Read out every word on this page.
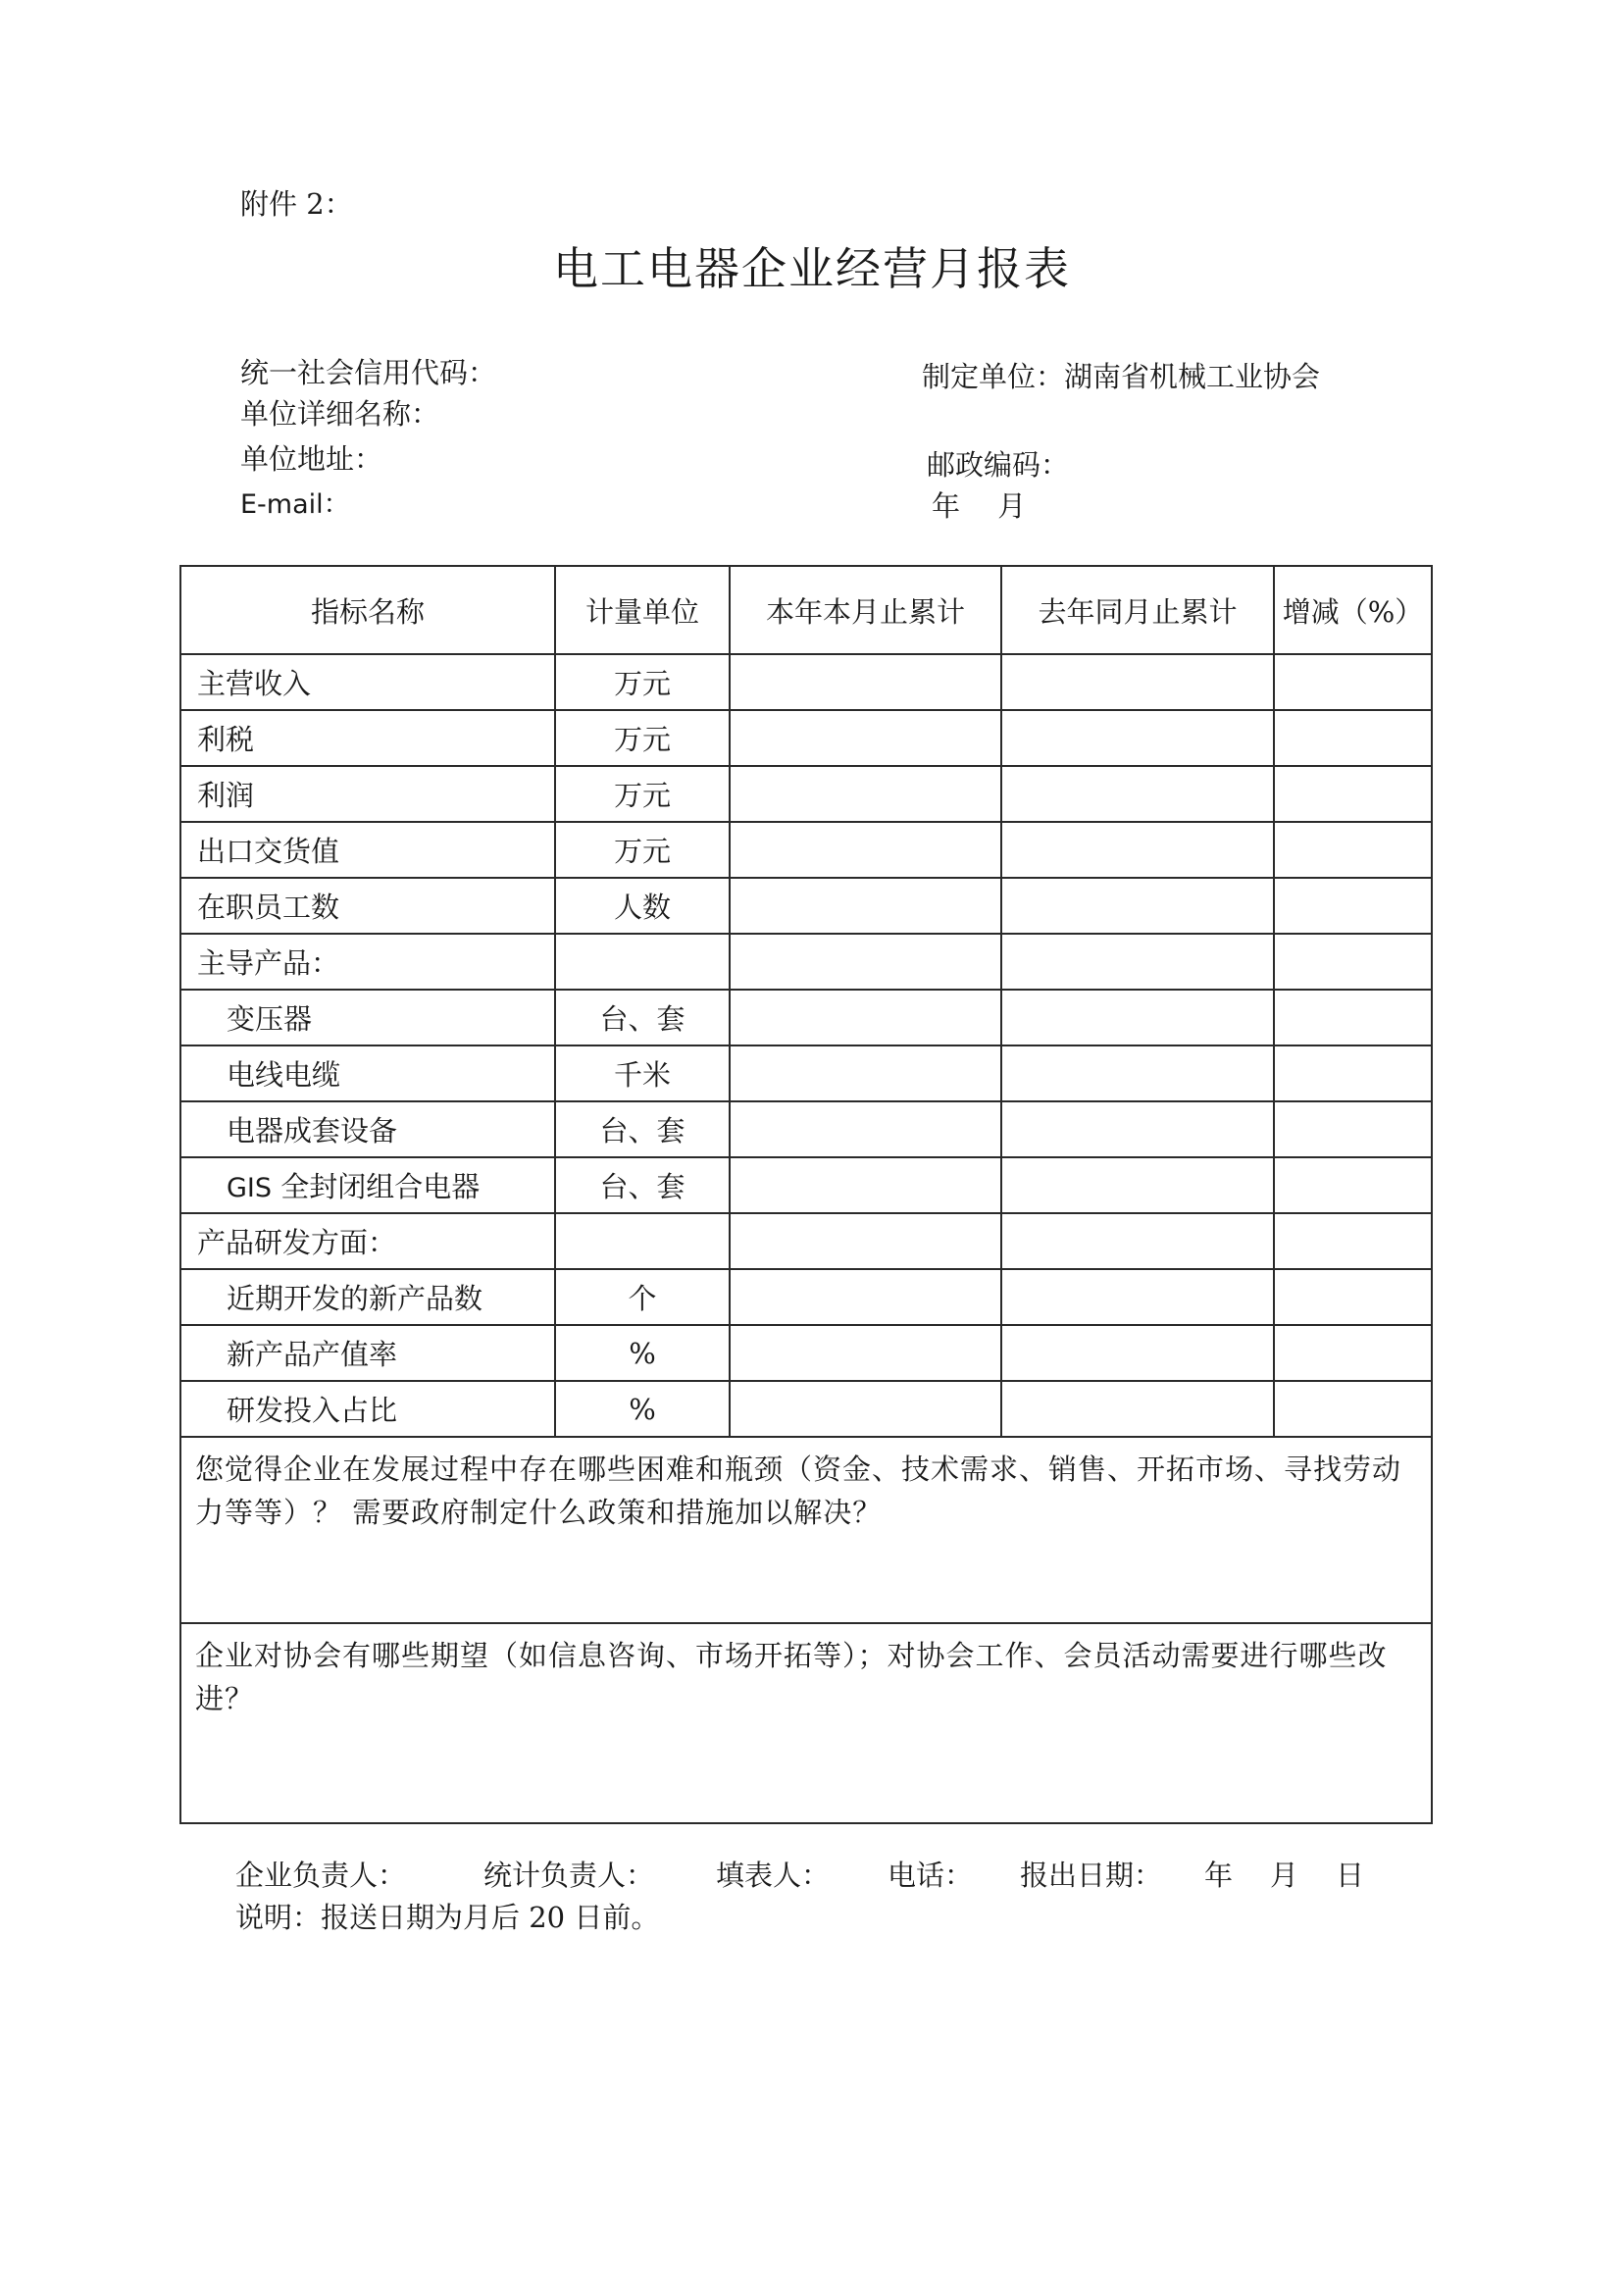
附件 2：
电工电器企业经营月报表
统一社会信用代码：
单位详细名称：
单位地址：
E-mail：
制定单位：湖南省机械工业协会
邮政编码：
年　 月
指标名称	计量单位	本年本月止累计	去年同月止累计	增减（%）
主营收入	万元			
利税	万元			
利润	万元			
出口交货值	万元			
在职员工数	人数			
主导产品：				
变压器	台、套			
电线电缆	千米			
电器成套设备	台、套			
GIS 全封闭组合电器	台、套			
产品研发方面：				
近期开发的新产品数	个			
新产品产值率	%			
研发投入占比	%			

您觉得企业在发展过程中存在哪些困难和瓶颈（资金、技术需求、销售、开拓市场、寻找劳动力等等）？ 需要政府制定什么政策和措施加以解决？				

企业对协会有哪些期望（如信息咨询、市场开拓等）；对协会工作、会员活动需要进行哪些改进？				
企业负责人：	统计负责人： 填表人： 电话： 报出日期： 年 月 日
说明：报送日期为月后 20 日前。
